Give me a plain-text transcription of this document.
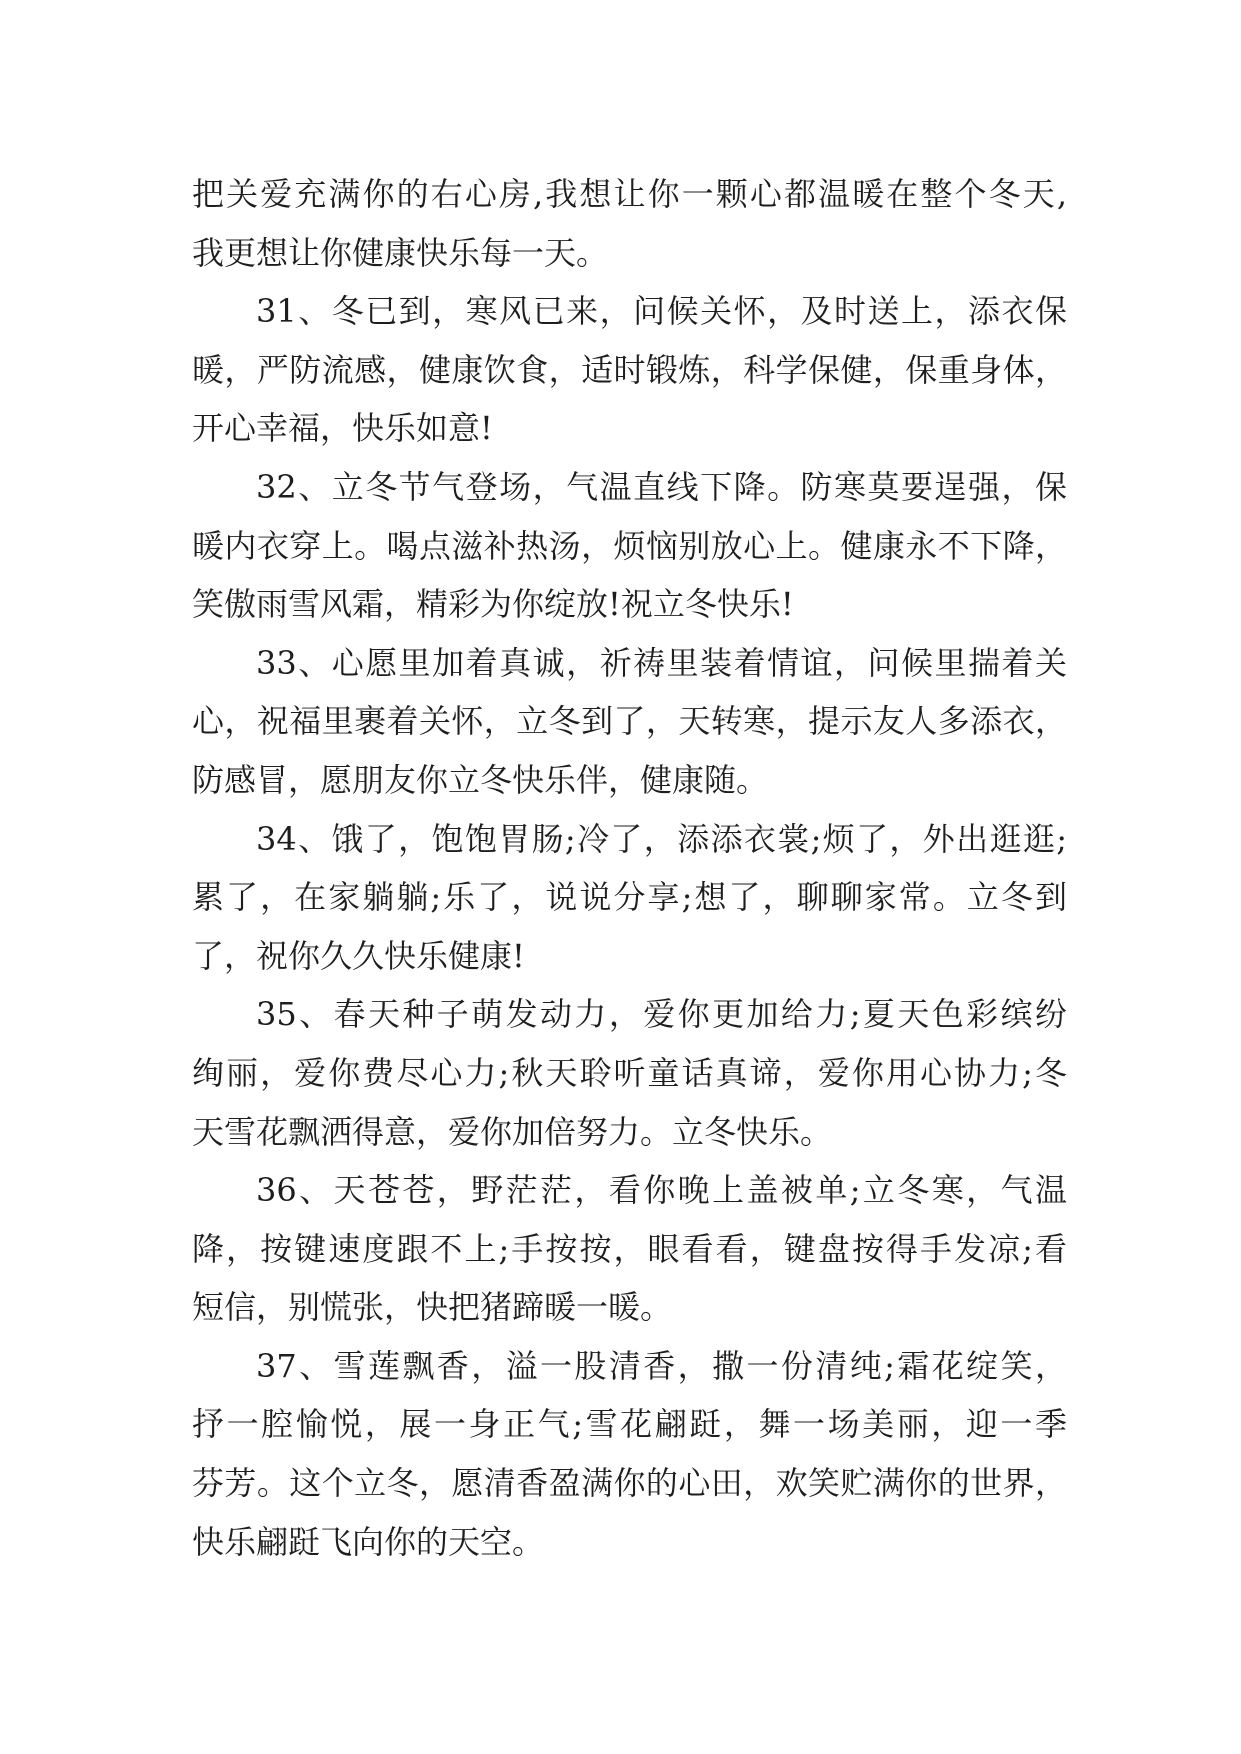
把关爱充满你的右心房,我想让你一颗心都温暖在整个冬天,
我更想让你健康快乐每一天。
31、冬已到，寒风已来，问候关怀，及时送上，添衣保
暖，严防流感，健康饮食，适时锻炼，科学保健，保重身体，
开心幸福，快乐如意!
32、立冬节气登场，气温直线下降。防寒莫要逞强，保
暖内衣穿上。喝点滋补热汤，烦恼别放心上。健康永不下降，
笑傲雨雪风霜，精彩为你绽放!祝立冬快乐!
33、心愿里加着真诚，祈祷里装着情谊，问候里揣着关
心，祝福里裹着关怀，立冬到了，天转寒，提示友人多添衣，
防感冒，愿朋友你立冬快乐伴，健康随。
34、饿了，饱饱胃肠;冷了，添添衣裳;烦了，外出逛逛;
累了，在家躺躺;乐了，说说分享;想了，聊聊家常。立冬到
了，祝你久久快乐健康!
35、春天种子萌发动力，爱你更加给力;夏天色彩缤纷
绚丽，爱你费尽心力;秋天聆听童话真谛，爱你用心协力;冬
天雪花飘洒得意，爱你加倍努力。立冬快乐。
36、天苍苍，野茫茫，看你晚上盖被单;立冬寒，气温
降，按键速度跟不上;手按按，眼看看，键盘按得手发凉;看
短信，别慌张，快把猪蹄暖一暖。
37、雪莲飘香，溢一股清香，撒一份清纯;霜花绽笑，
抒一腔愉悦，展一身正气;雪花翩跹，舞一场美丽，迎一季
芬芳。这个立冬，愿清香盈满你的心田，欢笑贮满你的世界，
快乐翩跹飞向你的天空。
